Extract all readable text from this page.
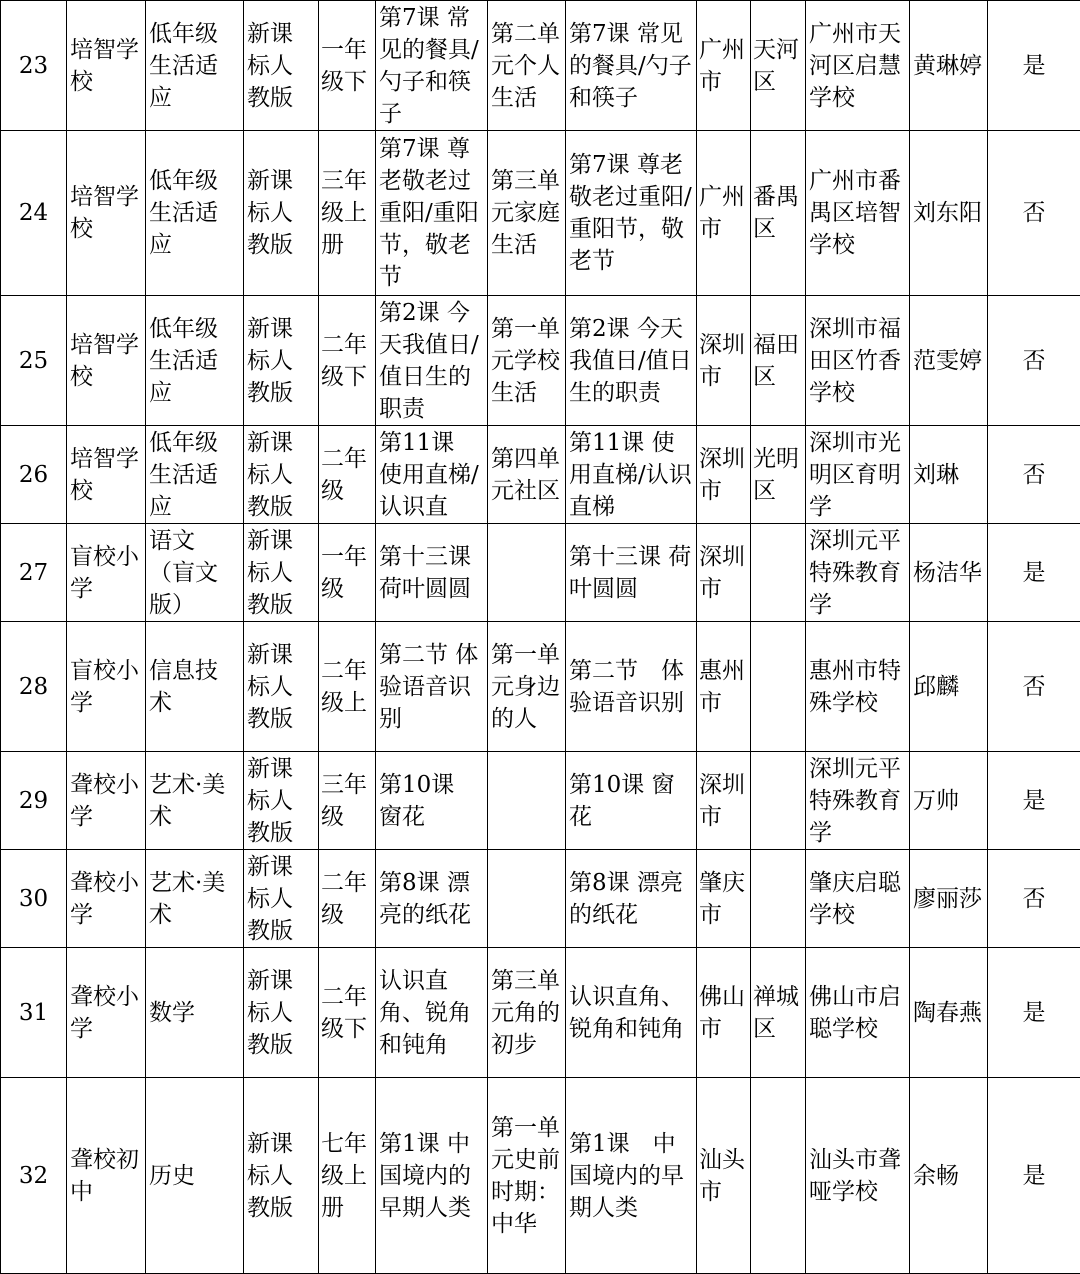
23	培智学校	低年级生活适应	新课标人教版	一年级下	第7课 常见的餐具/勺子和筷子	第二单元个人生活	第7课 常见的餐具/勺子和筷子	广州市	天河区	广州市天河区启慧学校	黄琳婷	是
24	培智学校	低年级生活适应	新课标人教版	三年级上册	第7课 尊老敬老过重阳/重阳节，敬老节	第三单元家庭生活	第7课 尊老敬老过重阳/重阳节，敬老节	广州市	番禺区	广州市番禺区培智学校	刘东阳	否
25	培智学校	低年级生活适应	新课标人教版	二年级下	第2课 今天我值日/值日生的职责	第一单元学校生活	第2课 今天我值日/值日生的职责	深圳市	福田区	深圳市福田区竹香学校	范雯婷	否
26	培智学校	低年级生活适应	新课标人教版	二年级	第11课 使用直梯/认识直	第四单元社区	第11课 使用直梯/认识直梯	深圳市	光明区	深圳市光明区育明学	刘琳	否
27	盲校小学	语文（盲文版）	新课标人教版	一年级	第十三课 荷叶圆圆		第十三课 荷叶圆圆	深圳市		深圳元平特殊教育学	杨洁华	是
28	盲校小学	信息技术	新课标人教版	二年级上	第二节 体验语音识别	第一单元身边的人	第二节　体验语音识别	惠州市		惠州市特殊学校	邱麟	否
29	聋校小学	艺术·美术	新课标人教版	三年级	第10课 窗花		第10课 窗花	深圳市		深圳元平特殊教育学	万帅	是
30	聋校小学	艺术·美术	新课标人教版	二年级	第8课 漂亮的纸花		第8课 漂亮的纸花	肇庆市		肇庆启聪学校	廖丽莎	否
31	聋校小学	数学	新课标人教版	二年级下	认识直角、锐角和钝角	第三单元角的初步	认识直角、锐角和钝角	佛山市	禅城区	佛山市启聪学校	陶春燕	是
32	聋校初中	历史	新课标人教版	七年级上册	第1课 中国境内的早期人类	第一单元史前时期：中华	第1课　中国境内的早期人类	汕头市		汕头市聋哑学校	余畅	是
